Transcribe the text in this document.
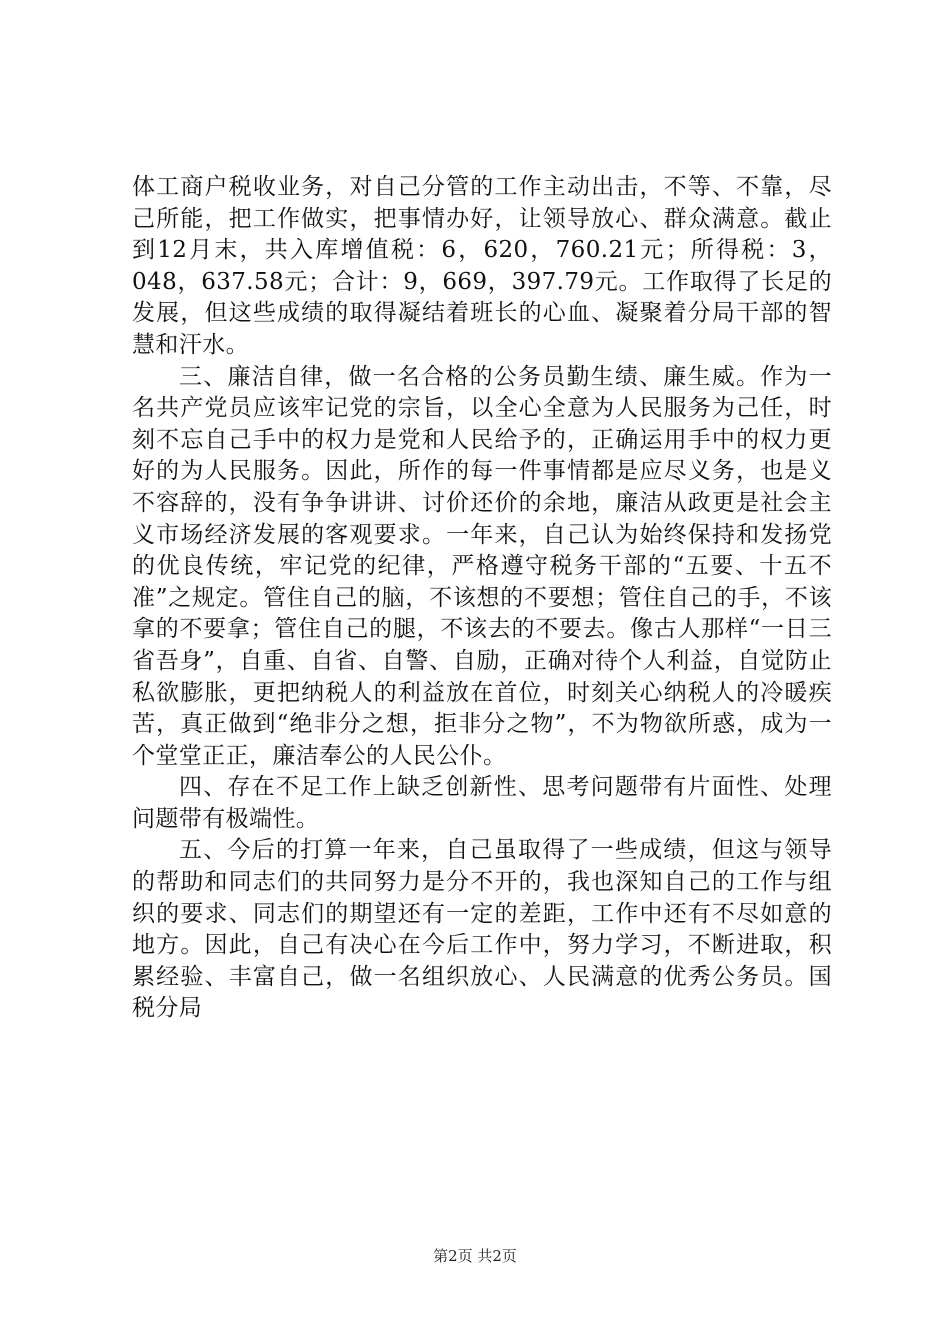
体工商户税收业务，对自己分管的工作主动出击，不等、不靠，尽己所能，把工作做实，把事情办好，让领导放心、群众满意。截止到12月末，共入库增值税：6，620，760.21元；所得税：3，048，637.58元；合计：9，669，397.79元。工作取得了长足的发展，但这些成绩的取得凝结着班长的心血、凝聚着分局干部的智慧和汗水。

三、廉洁自律，做一名合格的公务员勤生绩、廉生威。作为一名共产党员应该牢记党的宗旨，以全心全意为人民服务为己任，时刻不忘自己手中的权力是党和人民给予的，正确运用手中的权力更好的为人民服务。因此，所作的每一件事情都是应尽义务，也是义不容辞的，没有争争讲讲、讨价还价的余地，廉洁从政更是社会主义市场经济发展的客观要求。一年来，自己认为始终保持和发扬党的优良传统，牢记党的纪律，严格遵守税务干部的“五要、十五不准”之规定。管住自己的脑，不该想的不要想；管住自己的手，不该拿的不要拿；管住自己的腿，不该去的不要去。像古人那样“一日三省吾身”，自重、自省、自警、自励，正确对待个人利益，自觉防止私欲膨胀，更把纳税人的利益放在首位，时刻关心纳税人的冷暖疾苦，真正做到“绝非分之想，拒非分之物”，不为物欲所惑，成为一个堂堂正正，廉洁奉公的人民公仆。

四、存在不足工作上缺乏创新性、思考问题带有片面性、处理问题带有极端性。

五、今后的打算一年来，自己虽取得了一些成绩，但这与领导的帮助和同志们的共同努力是分不开的，我也深知自己的工作与组织的要求、同志们的期望还有一定的差距，工作中还有不尽如意的地方。因此，自己有决心在今后工作中，努力学习，不断进取，积累经验、丰富自己，做一名组织放心、人民满意的优秀公务员。国税分局

第2页 共2页
